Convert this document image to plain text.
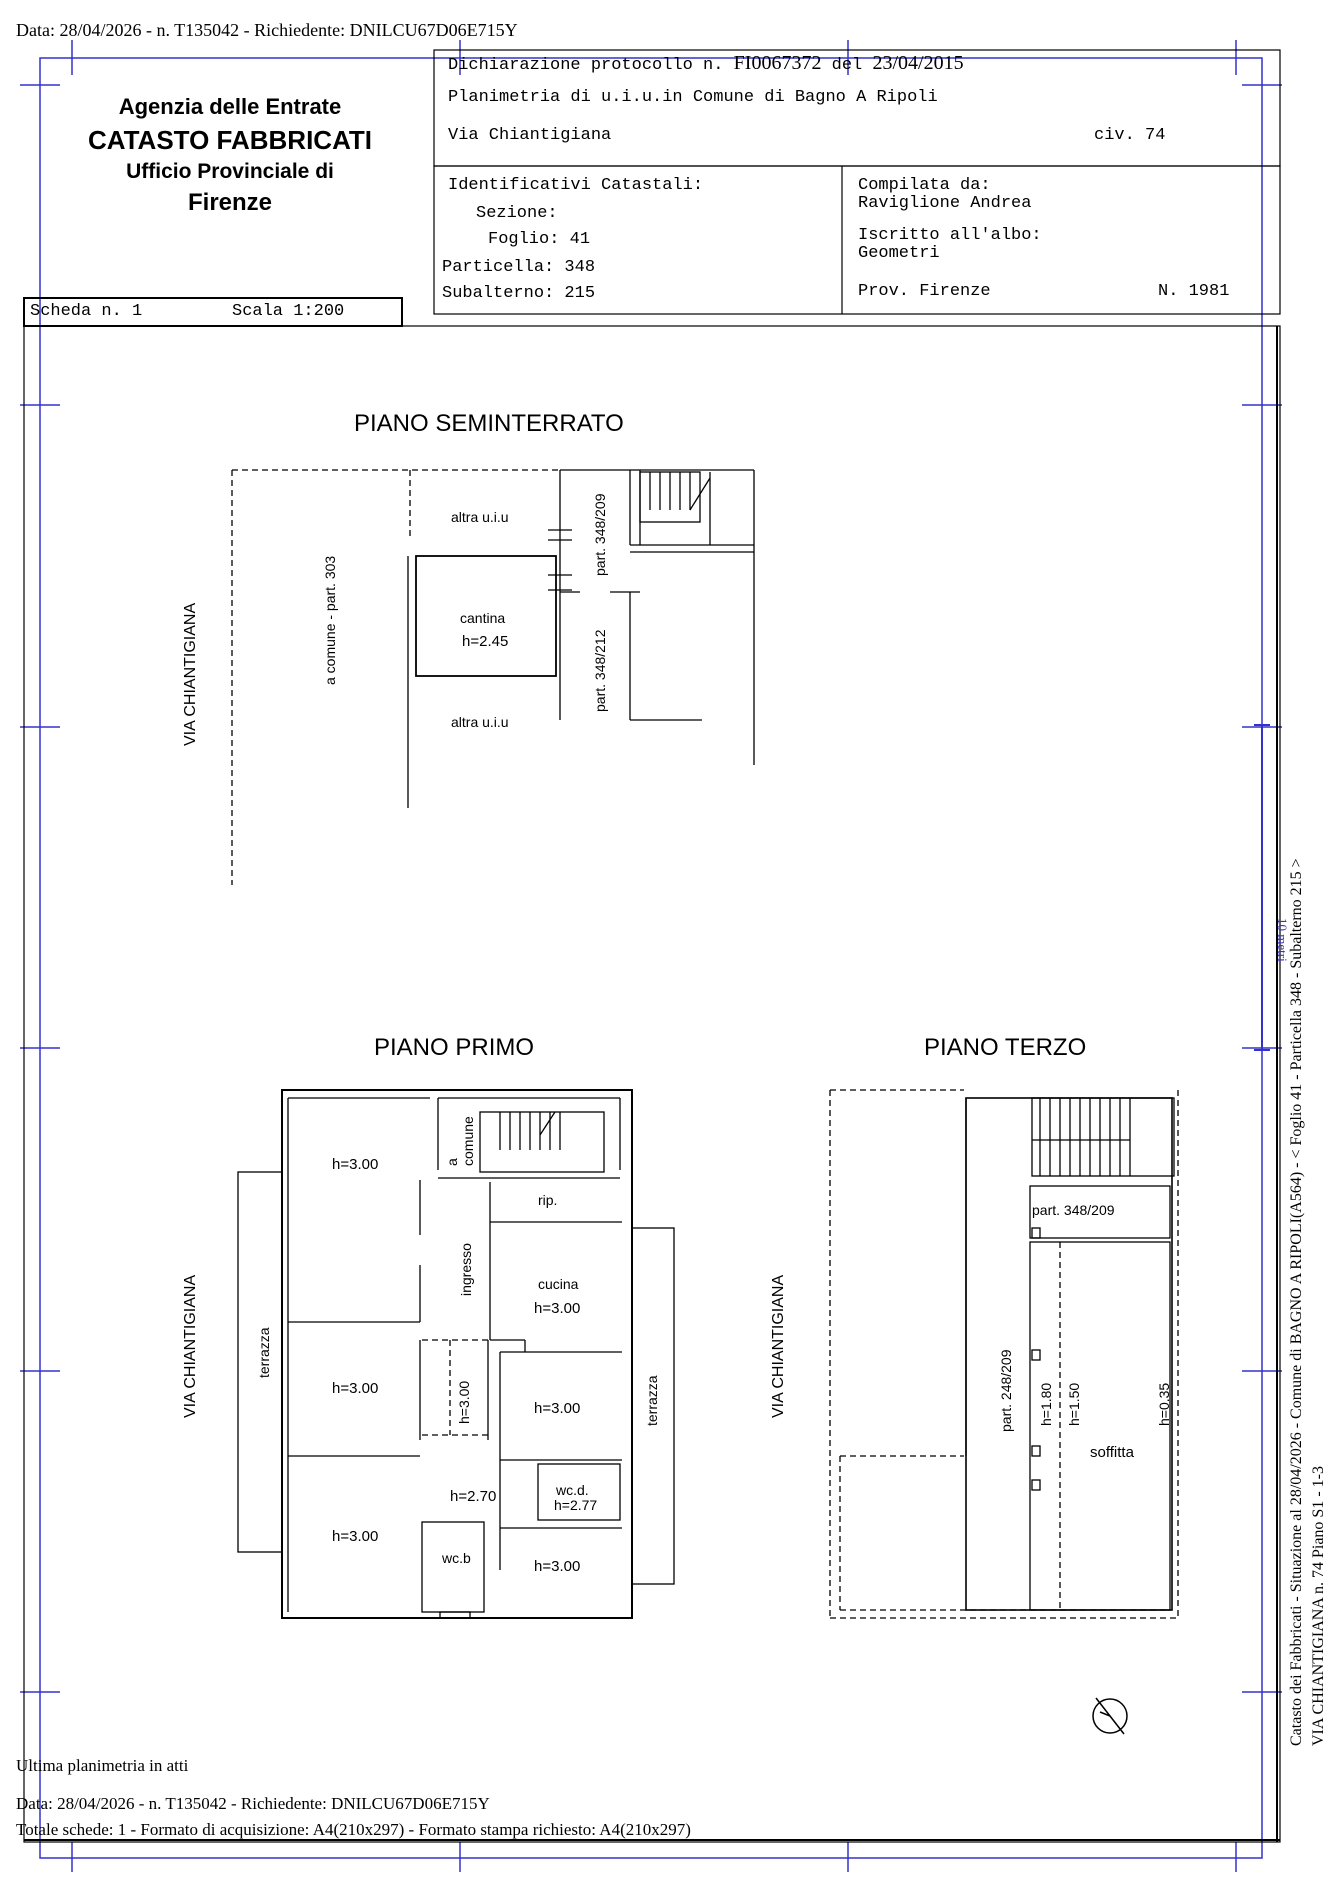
Data: 28/04/2026 - n. T135042 - Richiedente: DNILCU67D06E715Y
Agenzia delle Entrate
CATASTO FABBRICATI
Ufficio Provinciale di
Firenze
Dichiarazione protocollo n. FI0067372 del 23/04/2015
Planimetria di u.i.u.in Comune di Bagno A Ripoli
Via Chiantigiana	civ. 74
Identificativi Catastali:
Sezione:
Foglio: 41
Particella: 348
Subalterno: 215
Compilata da:
Raviglione Andrea
Iscritto all'albo:
Geometri
Prov. Firenze	N. 1981
Scheda n. 1	Scala 1:200
PIANO SEMINTERRATO
VIA CHIANTIGIANA	a comune - part. 303
altra u.i.u
cantina
h=2.45
altra u.i.u
part. 348/209
part. 348/212
PIANO PRIMO
VIA CHIANTIGIANA	terrazza
terrazza
a comune
rip.
ingresso	cucina
h=3.00
h=3.00
h=3.00
h=3.00
h=3.00	h=3.00
h=3.00
h=2.70	wc.d.
h=2.77
wc.b
PIANO TERZO
VIA CHIANTIGIANA
part. 348/209
part. 248/209 h=1.80 h=1.50	h=0.35
soffitta
10 metri
Catasto dei Fabbricati - Situazione al 28/04/2026 - Comune di BAGNO A RIPOLI(A564) - < Foglio 41 - Particella 348 - Subalterno 215 > VIA CHIANTIGIANA n. 74 Piano S1 - 1-3
Ultima planimetria in atti
Data: 28/04/2026 - n. T135042 - Richiedente: DNILCU67D06E715Y
Totale schede: 1 - Formato di acquisizione: A4(210x297) - Formato stampa richiesto: A4(210x297)
